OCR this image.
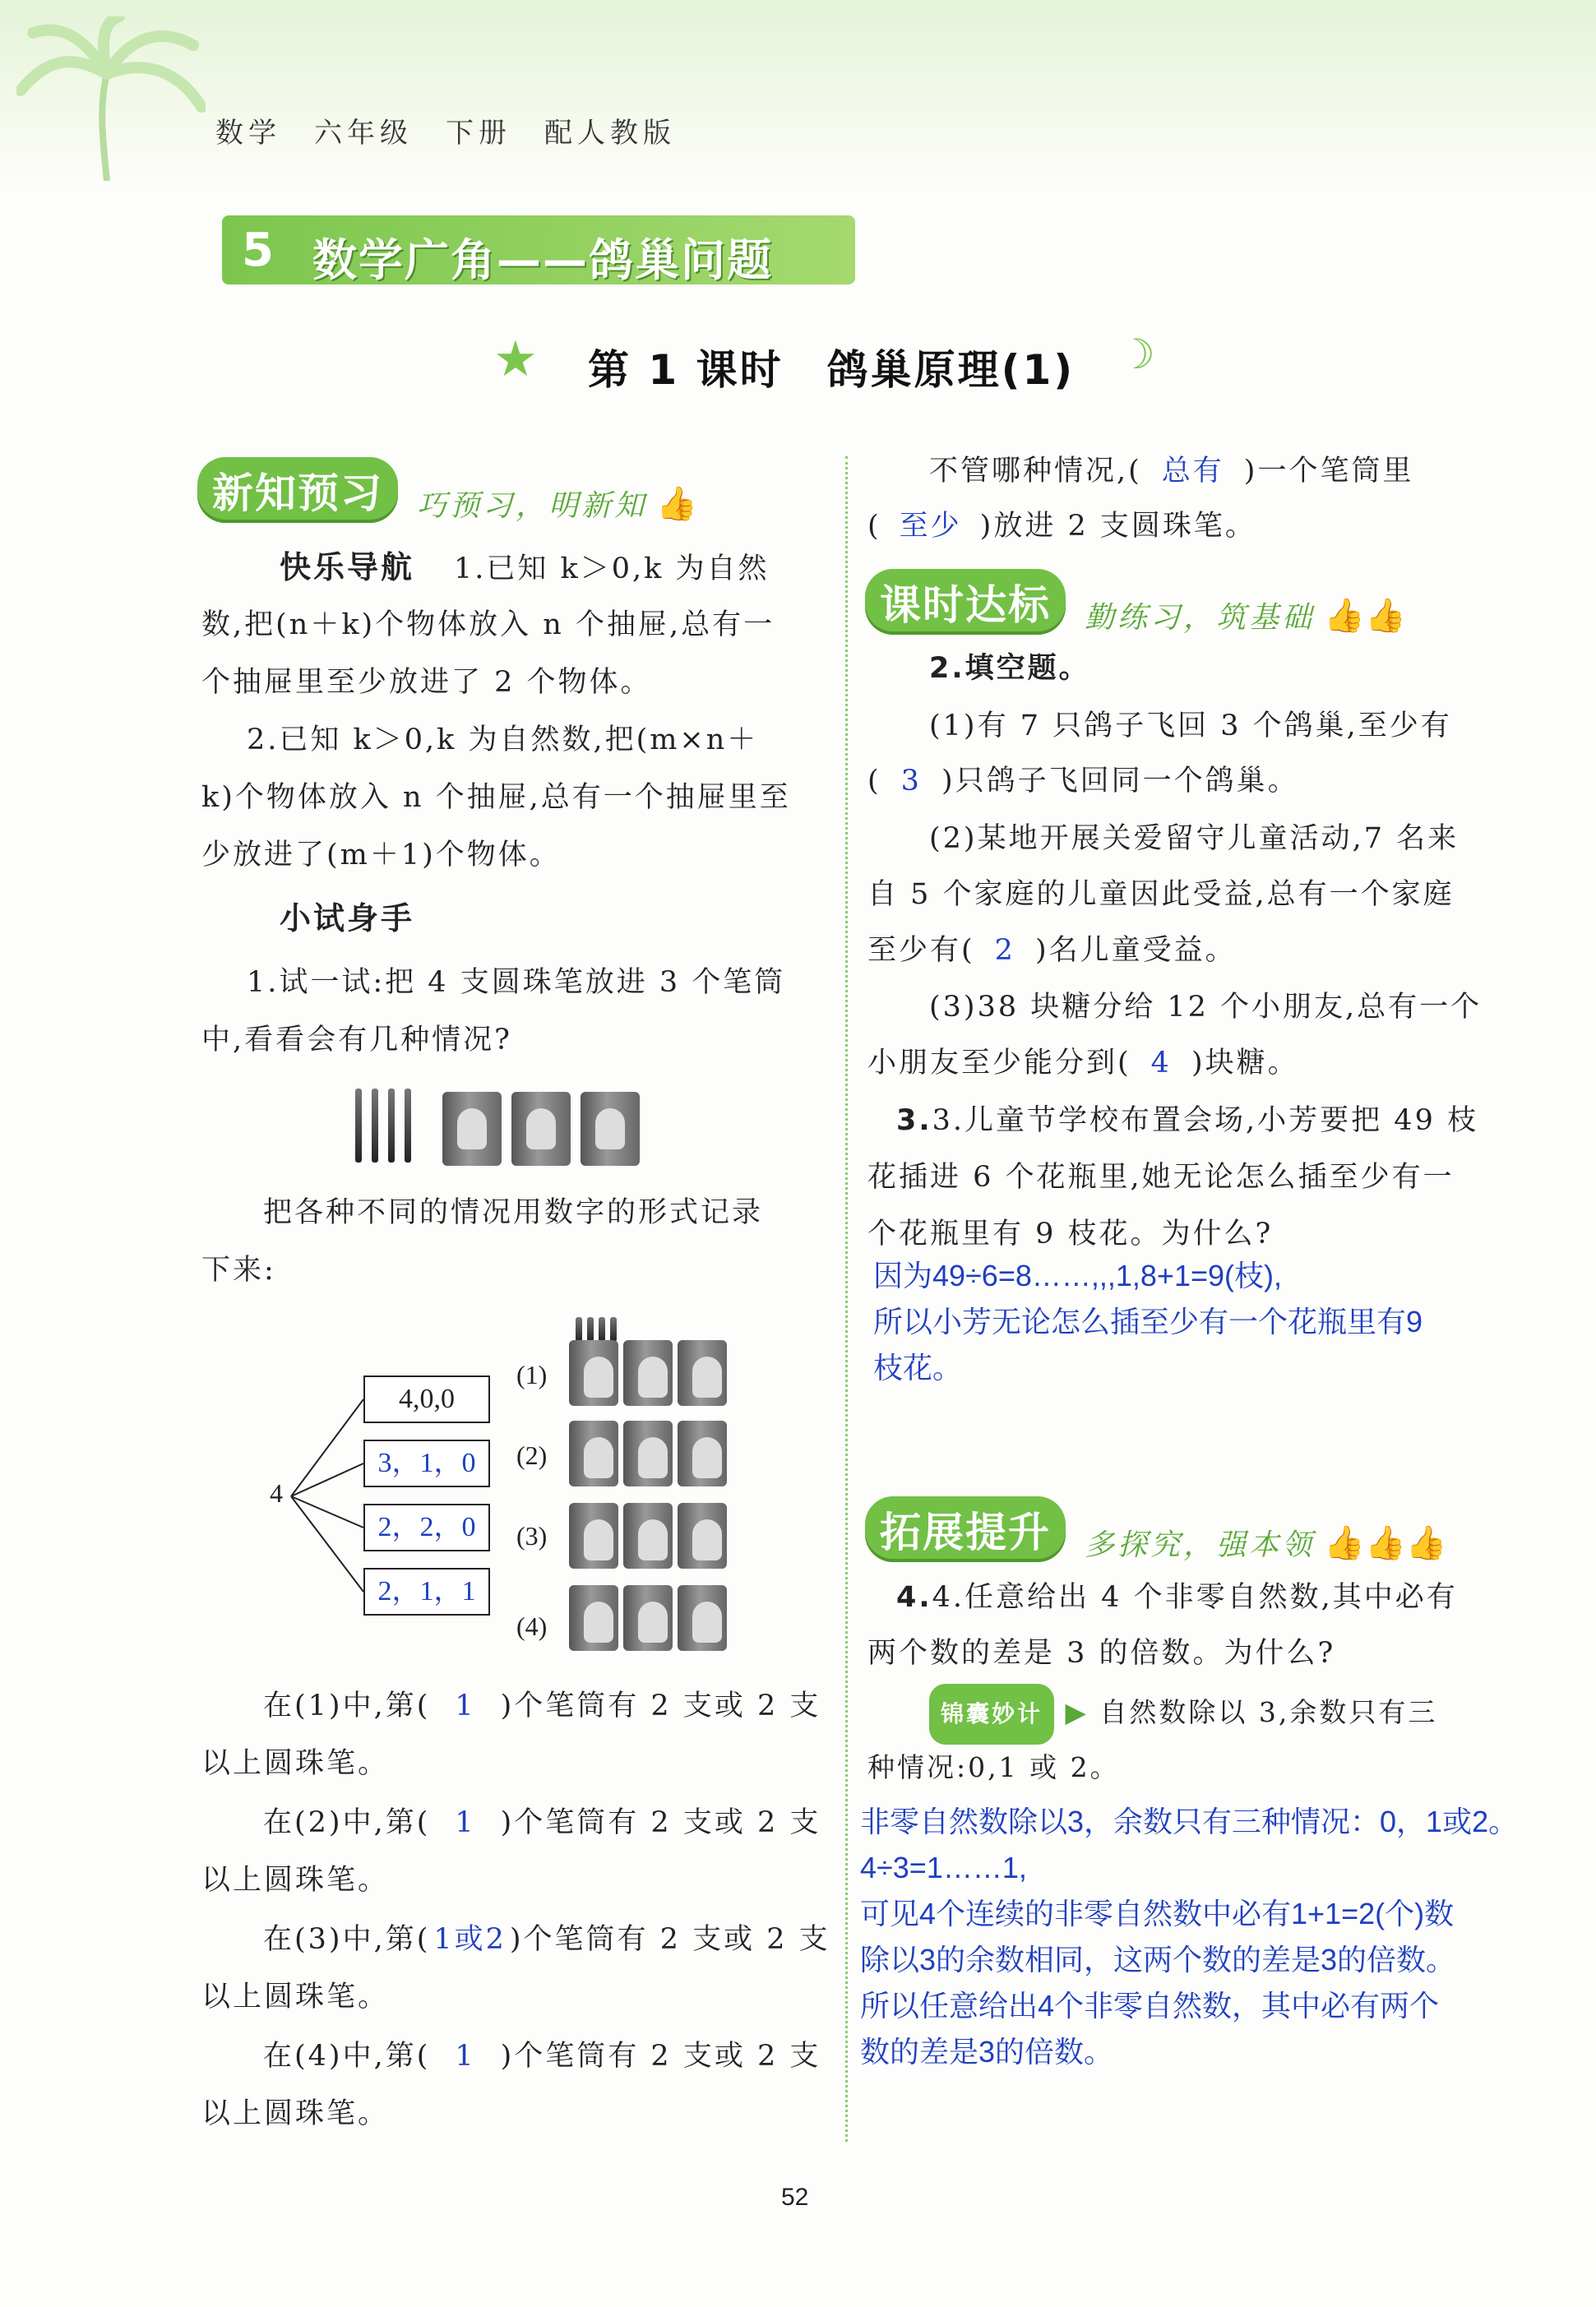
数学　六年级　下册　配人教版
5 数学广角——鸽巢问题
★ 第 1 课时　鸽巢原理(1) ☽
新知预习 巧预习，明新知 👍
快乐导航 1.已知 k＞0,k 为自然
数,把(n＋k)个物体放入 n 个抽屉,总有一
个抽屉里至少放进了 2 个物体。
2.已知 k＞0,k 为自然数,把(m×n＋
k)个物体放入 n 个抽屉,总有一个抽屉里至
少放进了(m＋1)个物体。
小试身手
1.试一试:把 4 支圆珠笔放进 3 个笔筒
中,看看会有几种情况?
把各种不同的情况用数字的形式记录
下来:
4
4,0,0
3，1，0
2，2，0
2，1，1
(1)
(2)
(3)
(4)
在(1)中,第( 1 )个笔筒有 2 支或 2 支
以上圆珠笔。
在(2)中,第( 1 )个笔筒有 2 支或 2 支
以上圆珠笔。
在(3)中,第( 1或2 )个笔筒有 2 支或 2 支
以上圆珠笔。
在(4)中,第( 1 )个笔筒有 2 支或 2 支
以上圆珠笔。
不管哪种情况,( 总有 )一个笔筒里
( 至少 )放进 2 支圆珠笔。
课时达标 勤练习，筑基础 👍👍
2.填空题。
(1)有 7 只鸽子飞回 3 个鸽巢,至少有
( 3 )只鸽子飞回同一个鸽巢。
(2)某地开展关爱留守儿童活动,7 名来
自 5 个家庭的儿童因此受益,总有一个家庭
至少有( 2 )名儿童受益。
(3)38 块糖分给 12 个小朋友,总有一个
小朋友至少能分到( 4 )块糖。
3.3.儿童节学校布置会场,小芳要把 49 枝
花插进 6 个花瓶里,她无论怎么插至少有一
个花瓶里有 9 枝花。为什么?
因为49÷6=8……,,,1,8+1=9(枝),
所以小芳无论怎么插至少有一个花瓶里有9
枝花。
拓展提升 多探究，强本领 👍👍👍
4.4.任意给出 4 个非零自然数,其中必有
两个数的差是 3 的倍数。为什么?
锦囊妙计 ▶ 自然数除以 3,余数只有三
种情况:0,1 或 2。
非零自然数除以3，余数只有三种情况：0，1或2。
4÷3=1……1,
可见4个连续的非零自然数中必有1+1=2(个)数
除以3的余数相同，这两个数的差是3的倍数。
所以任意给出4个非零自然数，其中必有两个
数的差是3的倍数。
52
